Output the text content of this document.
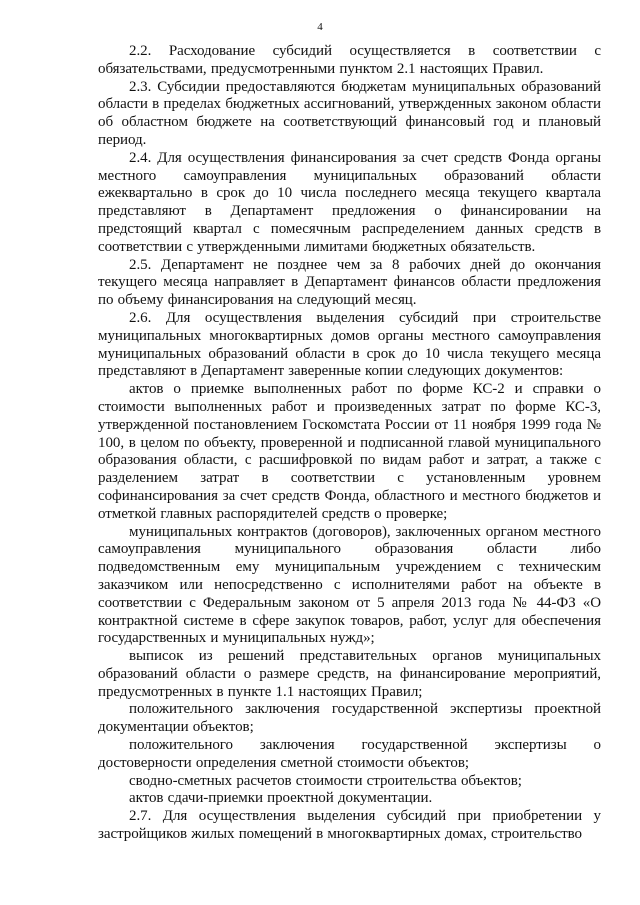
4

2.2. Расходование субсидий осуществляется в соответствии с обязательствами, предусмотренными пунктом 2.1 настоящих Правил.

2.3. Субсидии предоставляются бюджетам муниципальных образований области в пределах бюджетных ассигнований, утвержденных законом области об областном бюджете на соответствующий финансовый год и плановый период.

2.4. Для осуществления финансирования за счет средств Фонда органы местного самоуправления муниципальных образований области ежеквартально в срок до 10 числа последнего месяца текущего квартала представляют в Департамент предложения о финансировании на предстоящий квартал с помесячным распределением данных средств в соответствии с утвержденными лимитами бюджетных обязательств.

2.5. Департамент не позднее чем за 8 рабочих дней до окончания текущего месяца направляет в Департамент финансов области предложения по объему финансирования на следующий месяц.

2.6. Для осуществления выделения субсидий при строительстве муниципальных многоквартирных домов органы местного самоуправления муниципальных образований области в срок до 10 числа текущего месяца представляют в Департамент заверенные копии следующих документов:

актов о приемке выполненных работ по форме КС-2 и справки о стоимости выполненных работ и произведенных затрат по форме КС-3, утвержденной постановлением Госкомстата России от 11 ноября 1999 года № 100, в целом по объекту, проверенной и подписанной главой муниципального образования области, с расшифровкой по видам работ и затрат, а также с разделением затрат в соответствии с установленным уровнем софинансирования за счет средств Фонда, областного и местного бюджетов и отметкой главных распорядителей средств о проверке;

муниципальных контрактов (договоров), заключенных органом местного самоуправления муниципального образования области либо подведомственным ему муниципальным учреждением с техническим заказчиком или непосредственно с исполнителями работ на объекте в соответствии с Федеральным законом от 5 апреля 2013 года № 44-ФЗ «О контрактной системе в сфере закупок товаров, работ, услуг для обеспечения государственных и муниципальных нужд»;

выписок из решений представительных органов муниципальных образований области о размере средств, на финансирование мероприятий, предусмотренных в пункте 1.1 настоящих Правил;

положительного заключения государственной экспертизы проектной документации объектов;

положительного заключения государственной экспертизы о достоверности определения сметной стоимости объектов;

сводно-сметных расчетов стоимости строительства объектов;

актов сдачи-приемки проектной документации.

2.7. Для осуществления выделения субсидий при приобретении у застройщиков жилых помещений в многоквартирных домах, строительство
